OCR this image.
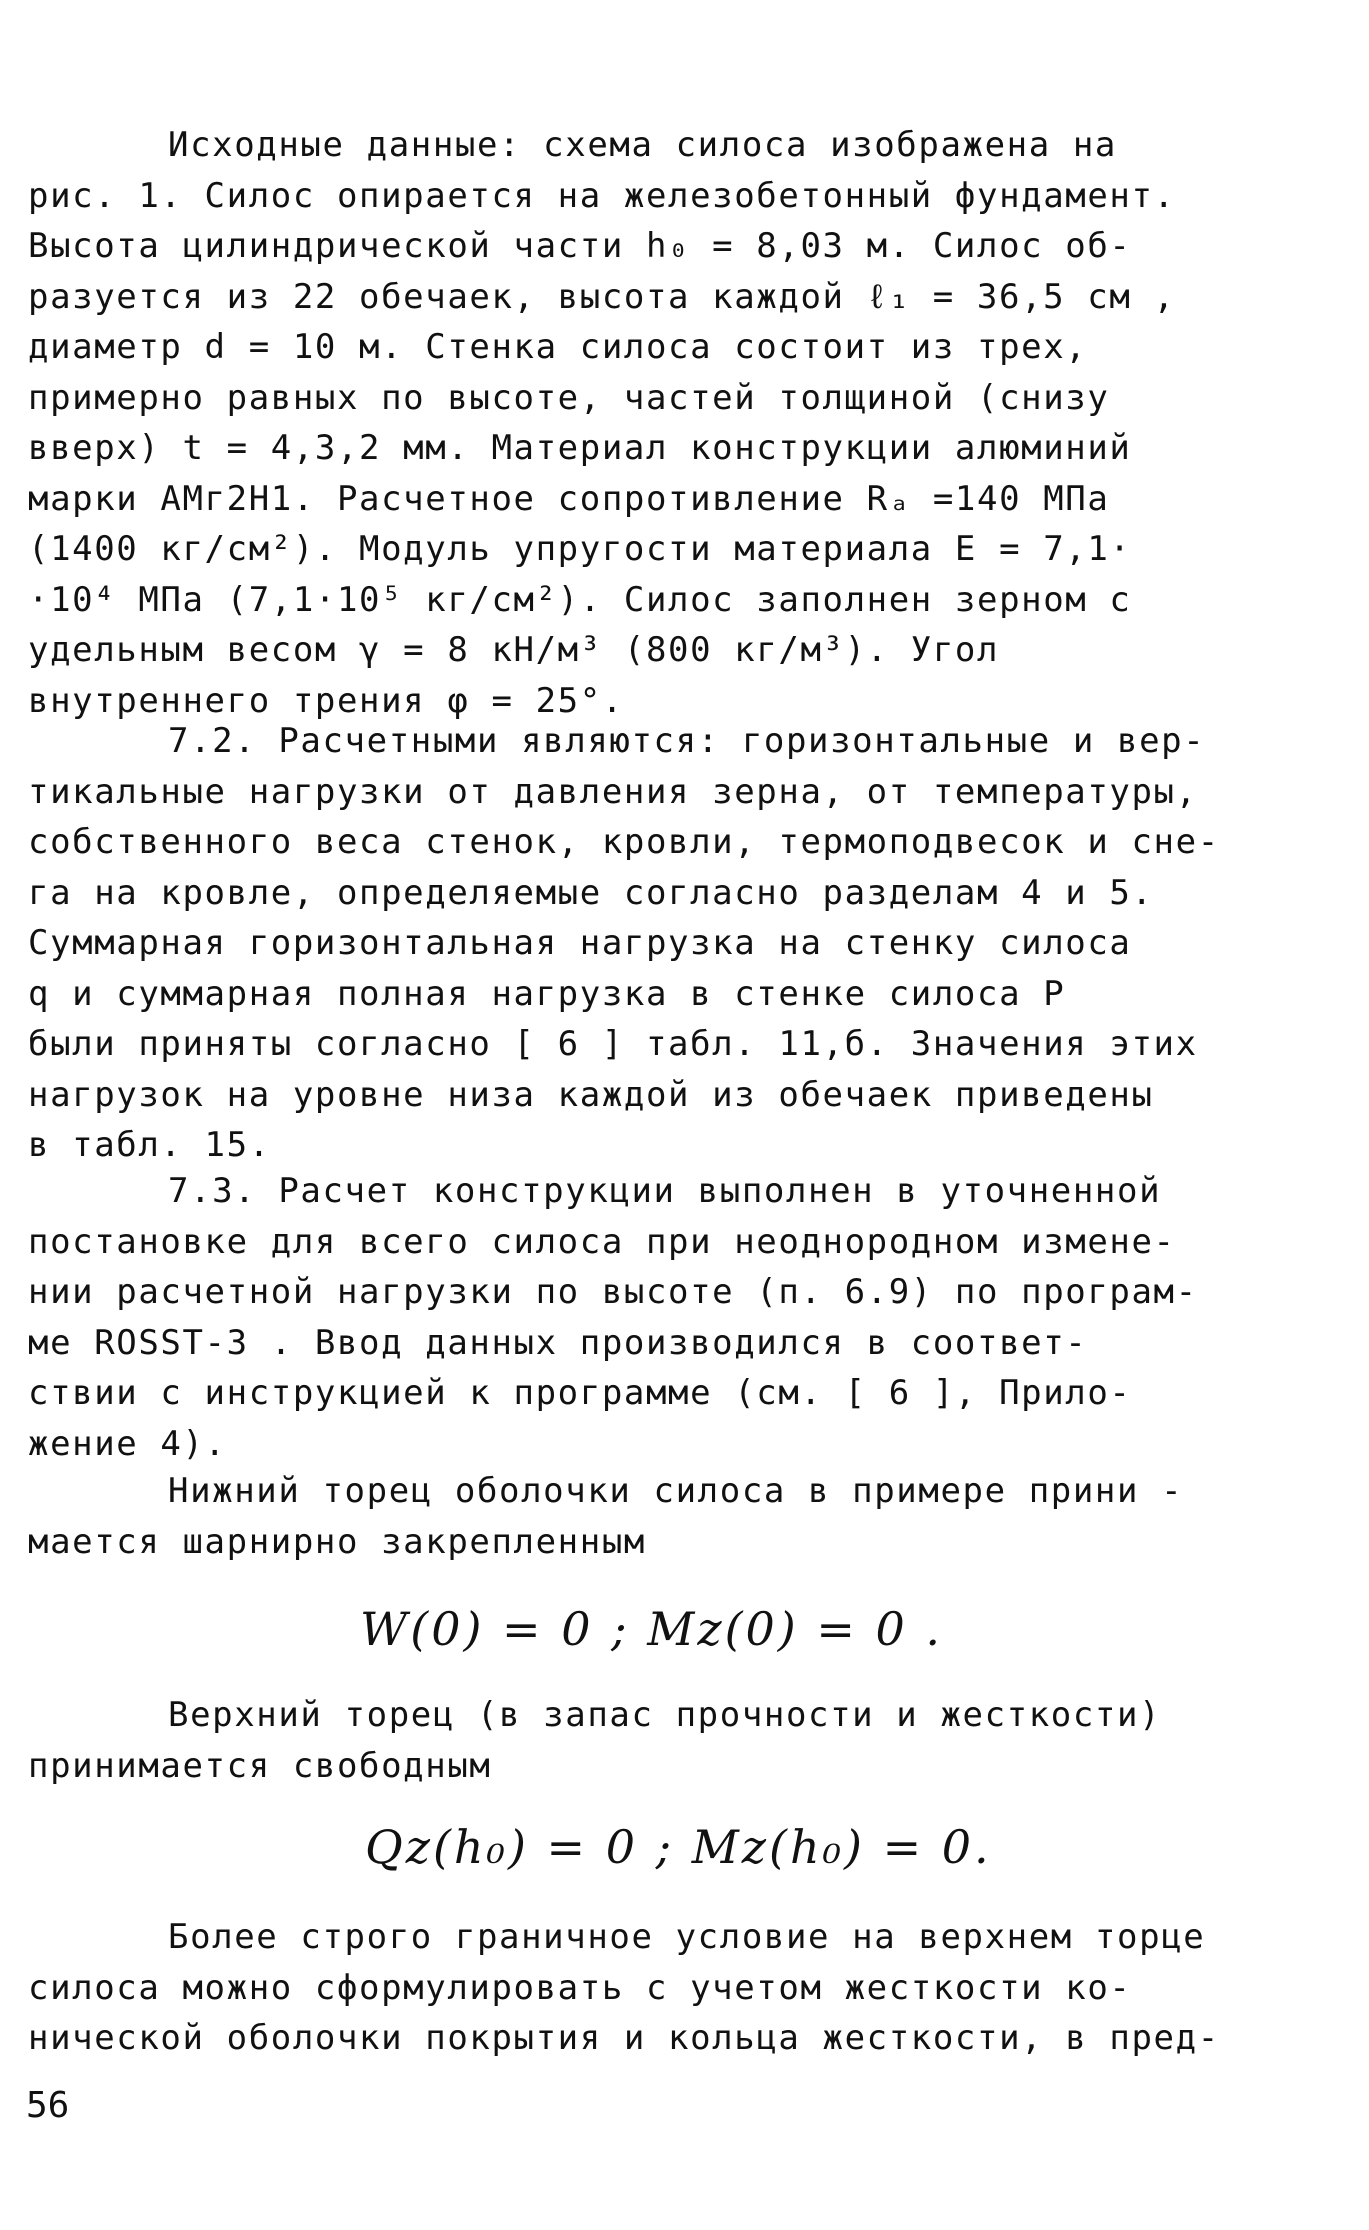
Исходные данные: схема силоса изображена на
рис. 1. Силос опирается на железобетонный фундамент.
Высота цилиндрической части h₀ = 8,03 м. Силос об-
разуется из 22 обечаек, высота каждой ℓ₁ = 36,5 см ,
диаметр d = 10 м. Стенка силоса состоит из трех,
примерно равных по высоте, частей толщиной (снизу
вверх) t = 4,3,2 мм. Материал конструкции алюминий
марки АМг2Н1. Расчетное сопротивление Rₐ =140 МПа
(1400 кг/см²). Модуль упругости материала Е = 7,1·
·10⁴ МПа (7,1·10⁵ кг/см²). Силос заполнен зерном с
удельным весом γ = 8 кН/м³ (800 кг/м³). Угол
внутреннего трения φ = 25°.
7.2. Расчетными являются: горизонтальные и вер-
тикальные нагрузки от давления зерна, от температуры,
собственного веса стенок, кровли, термоподвесок и сне-
га на кровле, определяемые согласно разделам 4 и 5.
Суммарная горизонтальная нагрузка на стенку силоса
q и суммарная полная нагрузка в стенке силоса Р
были приняты согласно [ 6 ] табл. 11,б. Значения этих
нагрузок на уровне низа каждой из обечаек приведены
в табл. 15.
7.3. Расчет конструкции выполнен в уточненной
постановке для всего силоса при неоднородном измене-
нии расчетной нагрузки по высоте (п. 6.9) по програм-
ме ROSST-3 . Ввод данных производился в соответ-
ствии с инструкцией к программе (см. [ 6 ], Прило-
жение 4).
Нижний торец оболочки силоса в примере прини -
мается шарнирно закрепленным
W(0) = 0 ; Mz(0) = 0 .
Верхний торец (в запас прочности и жесткости)
принимается свободным
Qz(h₀) = 0 ; Mz(h₀) = 0.
Более строго граничное условие на верхнем торце
силоса можно сформулировать с учетом жесткости ко-
нической оболочки покрытия и кольца жесткости, в пред-
56
